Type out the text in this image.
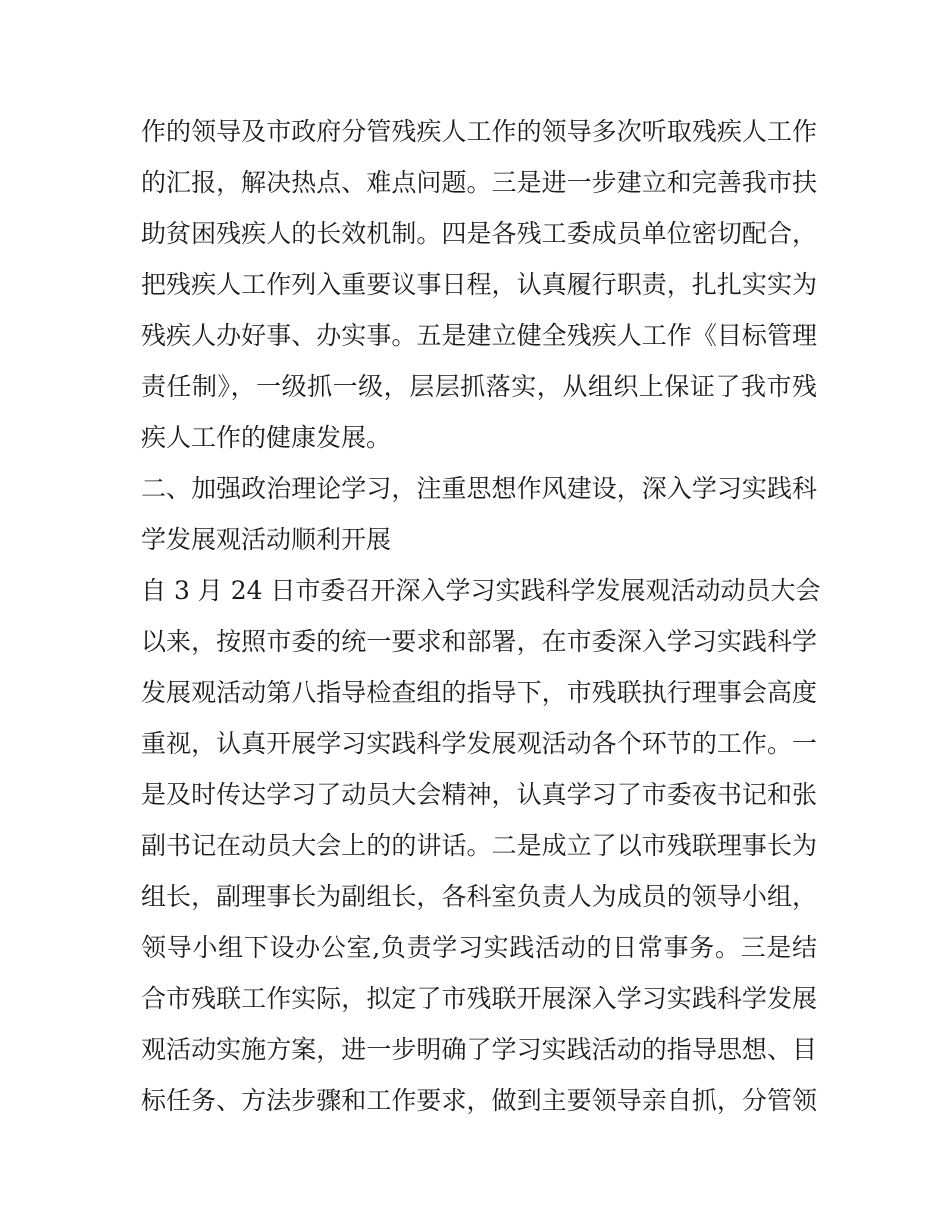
作的领导及市政府分管残疾人工作的领导多次听取残疾人工作
的汇报，解决热点、难点问题。三是进一步建立和完善我市扶
助贫困残疾人的长效机制。四是各残工委成员单位密切配合，
把残疾人工作列入重要议事日程，认真履行职责，扎扎实实为
残疾人办好事、办实事。五是建立健全残疾人工作《目标管理
责任制》，一级抓一级，层层抓落实，从组织上保证了我市残
疾人工作的健康发展。
二、加强政治理论学习，注重思想作风建设，深入学习实践科
学发展观活动顺利开展
自 3 月 24 日市委召开深入学习实践科学发展观活动动员大会
以来，按照市委的统一要求和部署，在市委深入学习实践科学
发展观活动第八指导检查组的指导下，市残联执行理事会高度
重视，认真开展学习实践科学发展观活动各个环节的工作。一
是及时传达学习了动员大会精神，认真学习了市委夜书记和张
副书记在动员大会上的的讲话。二是成立了以市残联理事长为
组长，副理事长为副组长，各科室负责人为成员的领导小组，
领导小组下设办公室,负责学习实践活动的日常事务。三是结
合市残联工作实际，拟定了市残联开展深入学习实践科学发展
观活动实施方案，进一步明确了学习实践活动的指导思想、目
标任务、方法步骤和工作要求，做到主要领导亲自抓，分管领
